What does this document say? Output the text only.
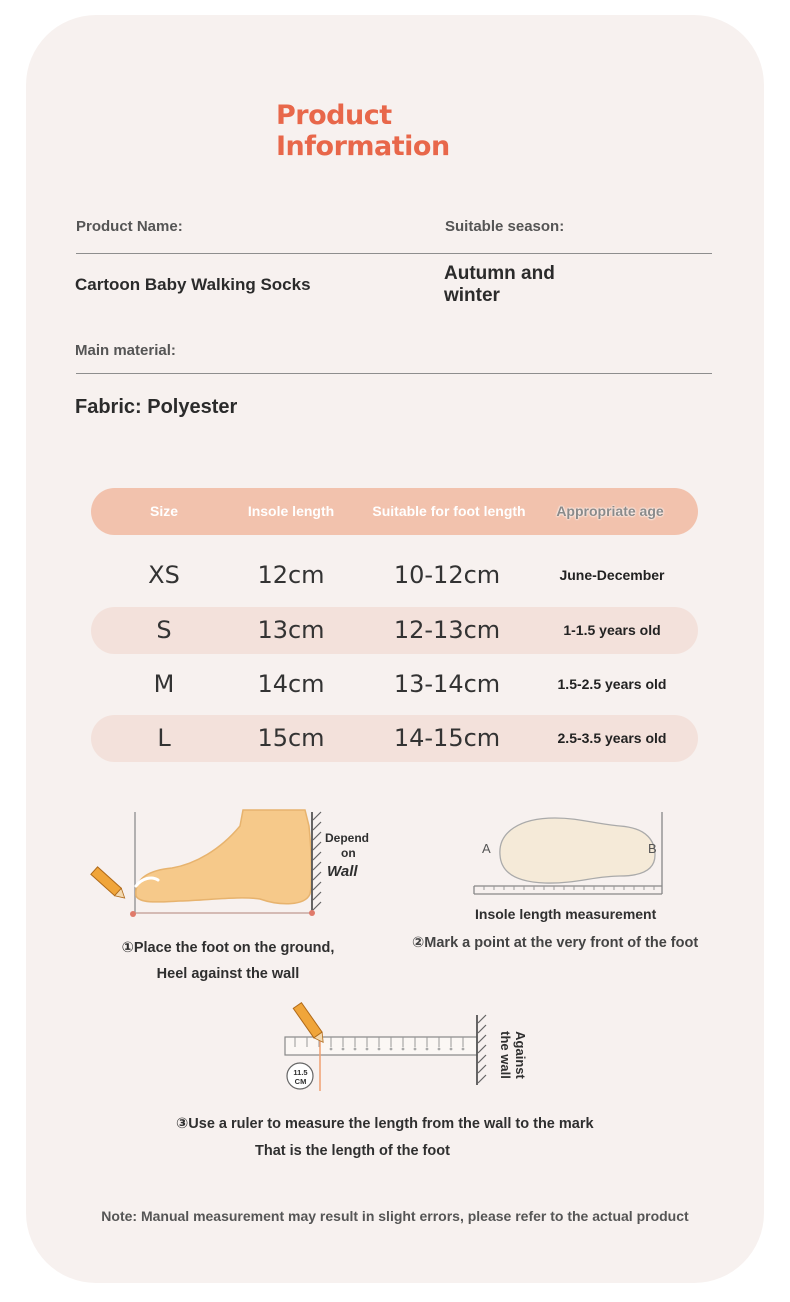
Product
Information
Product Name:	Suitable season:
Cartoon Baby Walking Socks
Autumn and
winter
Main material:
Fabric: Polyester
Size	Insole length	Suitable for foot length	Appropriate age
XS	12cm	10-12cm	June-December
S	13cm	12-13cm	1-1.5 years old
M	14cm	13-14cm	1.5-2.5 years old
L	15cm	14-15cm	2.5-3.5 years old
Depend
on
Wall
A	B
Insole length measurement
①Place the foot on the ground,
Heel against the wall
②Mark a point at the very front of the foot
11.5
CM
Against
the wall
③Use a ruler to measure the length from the wall to the mark
That is the length of the foot
Note: Manual measurement may result in slight errors, please refer to the actual product
